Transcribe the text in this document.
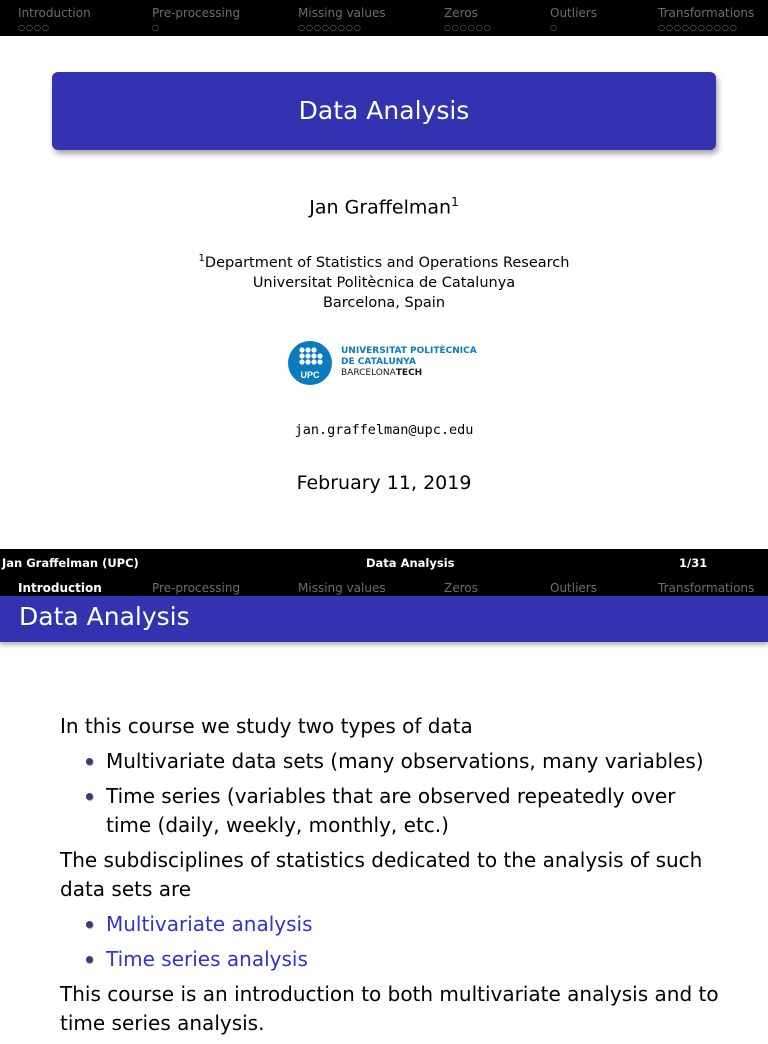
Introduction
○○○○
Pre-processing
○
Missing values
○○○○○○○○
Zeros
○○○○○○
Outliers
○
Transformations
○○○○○○○○○○
Data Analysis
Jan Graffelman$^1$
$^1$Department of Statistics and Operations Research
Universitat Politècnica de Catalunya
Barcelona, Spain
UPC
UNIVERSITAT POLITÈCNICA
DE CATALUNYA
BARCELONATECH
jan.graffelman@upc.edu
February 11, 2019
Jan Graffelman (UPC)	Data Analysis	1/31
Introduction	Pre-processing	Missing values	Zeros	Outliers	Transformations
Data Analysis

In this course we study two types of data

Multivariate data sets (many observations, many variables)
Time series (variables that are observed repeatedly over time (daily, weekly, monthly, etc.)

The subdisciplines of statistics dedicated to the analysis of such data sets are

Multivariate analysis
Time series analysis

This course is an introduction to both multivariate analysis and to time series analysis.
